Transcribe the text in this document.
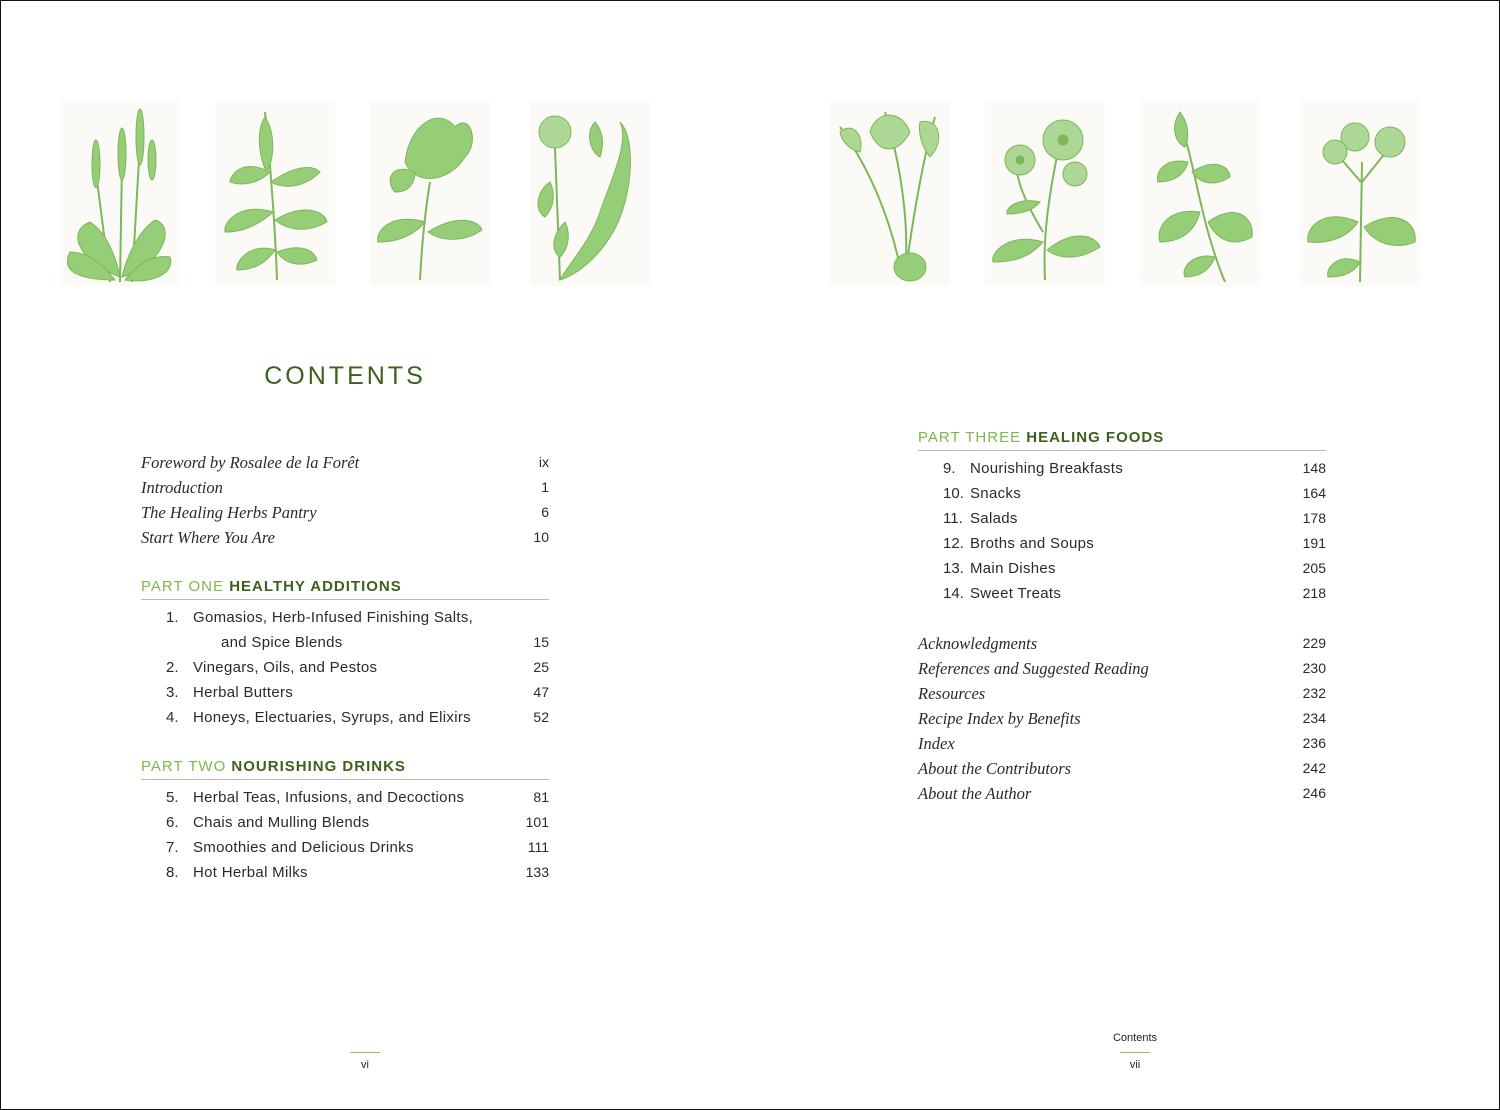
CONTENTS
Foreword by Rosalee de la Forêt	ix
Introduction	1
The Healing Herbs Pantry	6
Start Where You Are	10
PART ONE HEALTHY ADDITIONS
1. Gomasios, Herb-Infused Finishing Salts,
and Spice Blends	15
2. Vinegars, Oils, and Pestos	25
3. Herbal Butters	47
4. Honeys, Electuaries, Syrups, and Elixirs	52
PART TWO NOURISHING DRINKS
5. Herbal Teas, Infusions, and Decoctions	81
6. Chais and Mulling Blends	101
7. Smoothies and Delicious Drinks	111
8. Hot Herbal Milks	133
PART THREE HEALING FOODS
9. Nourishing Breakfasts	148
10. Snacks	164
11. Salads	178
12. Broths and Soups	191
13. Main Dishes	205
14. Sweet Treats	218
Acknowledgments	229
References and Suggested Reading	230
Resources	232
Recipe Index by Benefits	234
Index	236
About the Contributors	242
About the Author	246
vi
Contents
vii
